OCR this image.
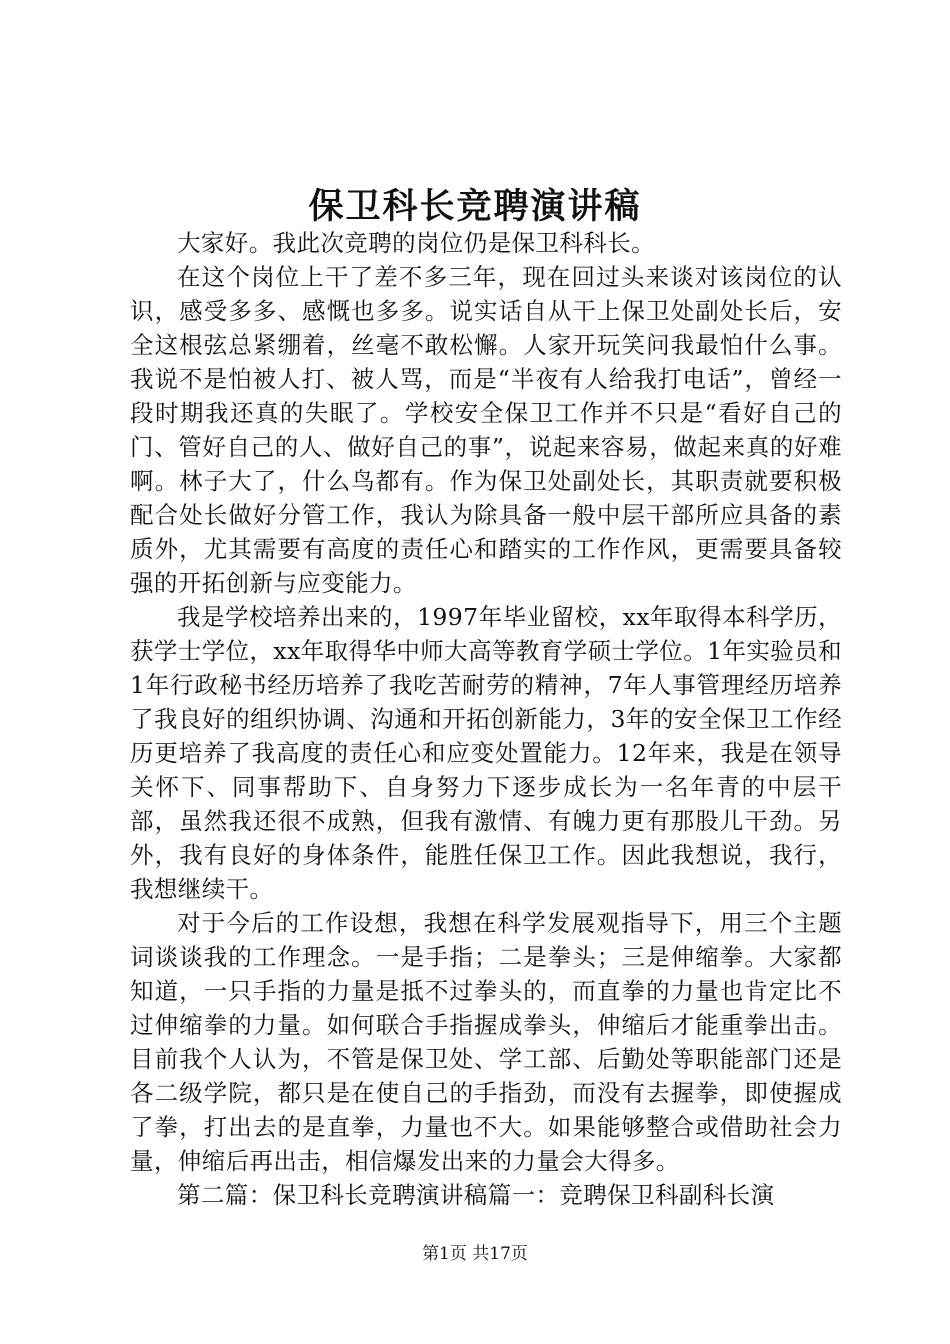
保卫科长竞聘演讲稿

大家好。我此次竞聘的岗位仍是保卫科科长。

在这个岗位上干了差不多三年，现在回过头来谈对该岗位的认识，感受多多、感慨也多多。说实话自从干上保卫处副处长后，安全这根弦总紧绷着，丝毫不敢松懈。人家开玩笑问我最怕什么事。我说不是怕被人打、被人骂，而是“半夜有人给我打电话”，曾经一段时期我还真的失眠了。学校安全保卫工作并不只是“看好自己的门、管好自己的人、做好自己的事”，说起来容易，做起来真的好难啊。林子大了，什么鸟都有。作为保卫处副处长，其职责就要积极配合处长做好分管工作，我认为除具备一般中层干部所应具备的素质外，尤其需要有高度的责任心和踏实的工作作风，更需要具备较强的开拓创新与应变能力。

我是学校培养出来的，1997年毕业留校，xx年取得本科学历，获学士学位，xx年取得华中师大高等教育学硕士学位。1年实验员和1年行政秘书经历培养了我吃苦耐劳的精神，7年人事管理经历培养了我良好的组织协调、沟通和开拓创新能力，3年的安全保卫工作经历更培养了我高度的责任心和应变处置能力。12年来，我是在领导关怀下、同事帮助下、自身努力下逐步成长为一名年青的中层干部，虽然我还很不成熟，但我有激情、有魄力更有那股儿干劲。另外，我有良好的身体条件，能胜任保卫工作。因此我想说，我行，我想继续干。

对于今后的工作设想，我想在科学发展观指导下，用三个主题词谈谈我的工作理念。一是手指；二是拳头；三是伸缩拳。大家都知道，一只手指的力量是抵不过拳头的，而直拳的力量也肯定比不过伸缩拳的力量。如何联合手指握成拳头，伸缩后才能重拳出击。目前我个人认为，不管是保卫处、学工部、后勤处等职能部门还是各二级学院，都只是在使自己的手指劲，而没有去握拳，即使握成了拳，打出去的是直拳，力量也不大。如果能够整合或借助社会力量，伸缩后再出击，相信爆发出来的力量会大得多。

第二篇：保卫科长竞聘演讲稿篇一：竞聘保卫科副科长演

第1页 共17页
